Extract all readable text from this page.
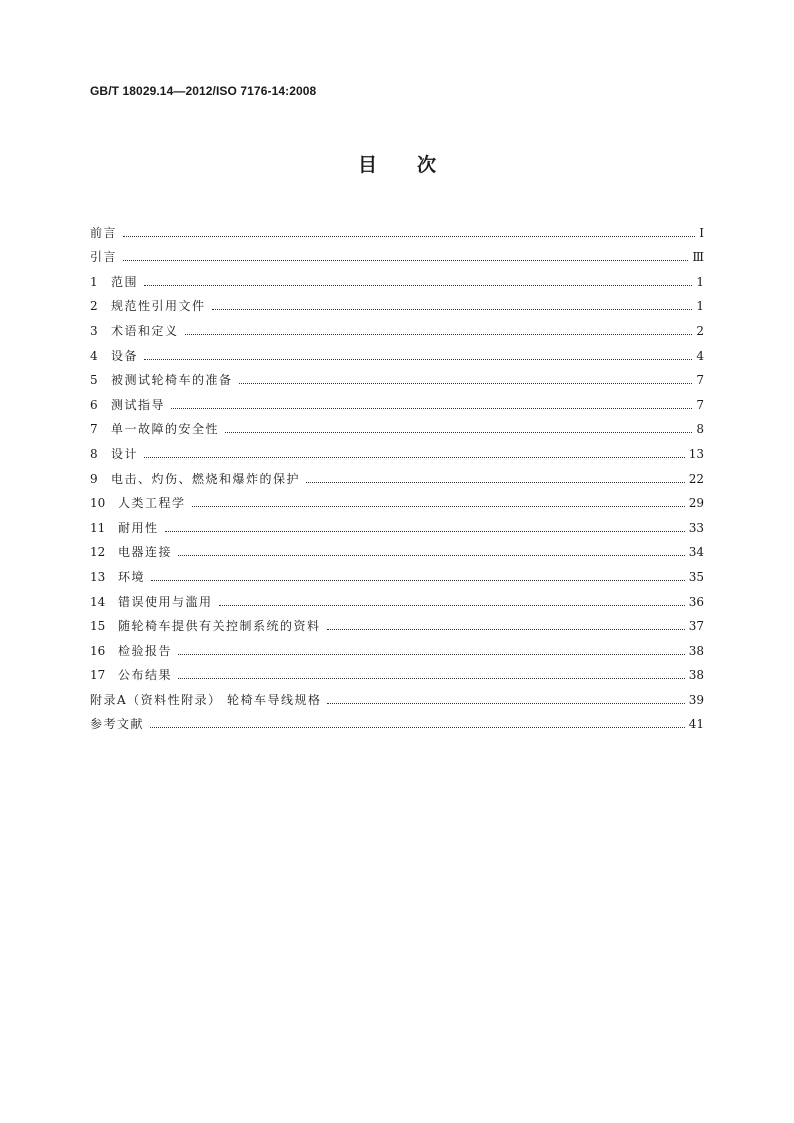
GB/T 18029.14—2012/ISO 7176-14:2008
目 次
前言	Ⅰ
引言	Ⅲ
1	范围	1
2	规范性引用文件	1
3	术语和定义	2
4	设备	4
5	被测试轮椅车的准备	7
6	测试指导	7
7	单一故障的安全性	8
8	设计	13
9	电击、灼伤、燃烧和爆炸的保护	22
10	人类工程学	29
11	耐用性	33
12	电器连接	34
13	环境	35
14	错误使用与滥用	36
15	随轮椅车提供有关控制系统的资料	37
16	检验报告	38
17	公布结果	38
附录A（资料性附录） 轮椅车导线规格	39
参考文献	41
